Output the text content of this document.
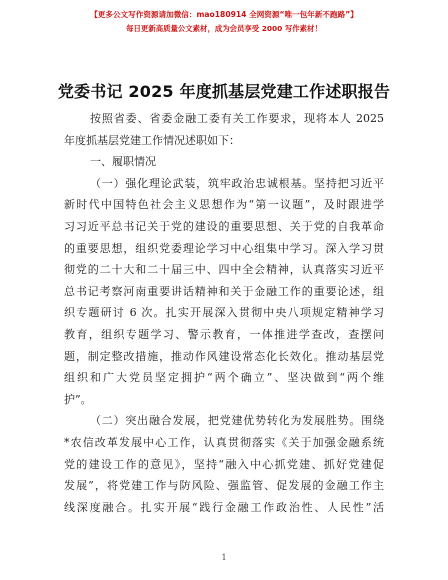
【更多公文写作资源请加微信：mao180914 全网资源“唯一包年新不跑路”】
每日更新高质量公文素材，成为会员享受 2000 写作素材！
党委书记 2025 年度抓基层党建工作述职报告
按照省委、省委金融工委有关工作要求，现将本人 2025
年度抓基层党建工作情况述职如下：
一、履职情况
（一）强化理论武装，筑牢政治忠诚根基。坚持把习近平
新时代中国特色社会主义思想作为“第一议题”，及时跟进学
习习近平总书记关于党的建设的重要思想、关于党的自我革命
的重要思想，组织党委理论学习中心组集中学习。深入学习贯
彻党的二十大和二十届三中、四中全会精神，认真落实习近平
总书记考察河南重要讲话精神和关于金融工作的重要论述，组
织专题研讨 6 次。扎实开展深入贯彻中央八项规定精神学习
教育，组织专题学习、警示教育，一体推进学查改，查摆问
题，制定整改措施，推动作风建设常态化长效化。推动基层党
组织和广大党员坚定拥护“两个确立”、坚决做到“两个维
护”。
（二）突出融合发展，把党建优势转化为发展胜势。围绕
*农信改革发展中心工作，认真贯彻落实《关于加强金融系统
党的建设工作的意见》，坚持“融入中心抓党建、抓好党建促
发展”，将党建工作与防风险、强监管、促发展的金融工作主
线深度融合。扎实开展“践行金融工作政治性、人民性”活
1
